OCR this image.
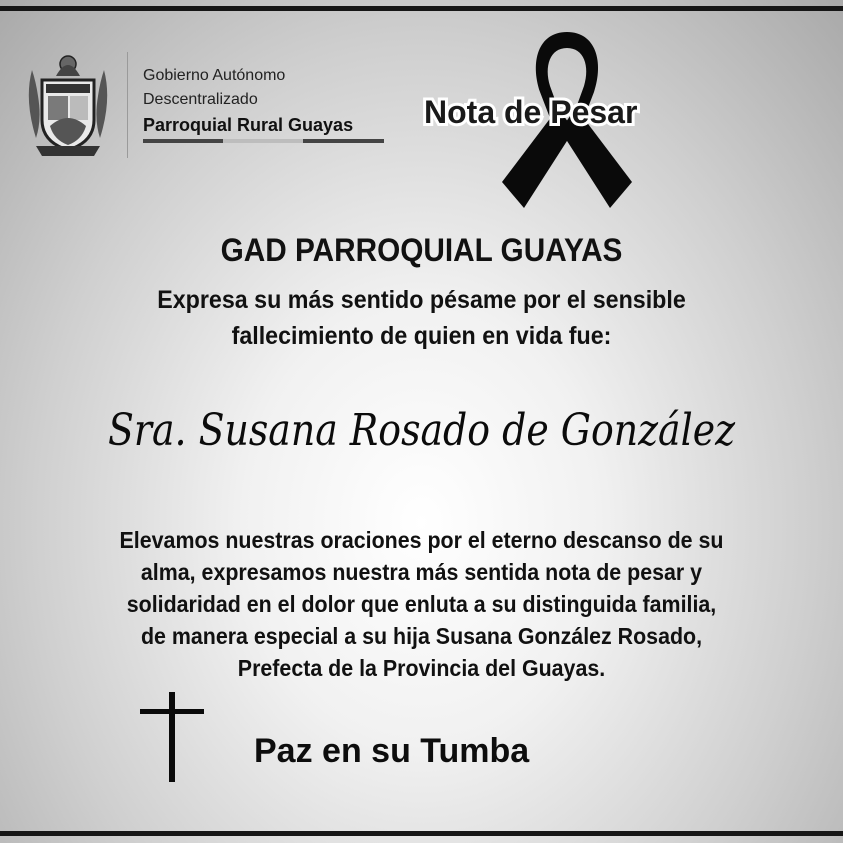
Gobierno Autónomo
Descentralizado
Parroquial Rural Guayas	Nota de Pesar
GAD PARROQUIAL GUAYAS
Expresa su más sentido pésame por el sensible
fallecimiento de quien en vida fue:
Sra. Susana Rosado de González
Elevamos nuestras oraciones por el eterno descanso de su
alma, expresamos nuestra más sentida nota de pesar y
solidaridad en el dolor que enluta a su distinguida familia,
de manera especial a su hija Susana González Rosado,
Prefecta de la Provincia del Guayas.
Paz en su Tumba
